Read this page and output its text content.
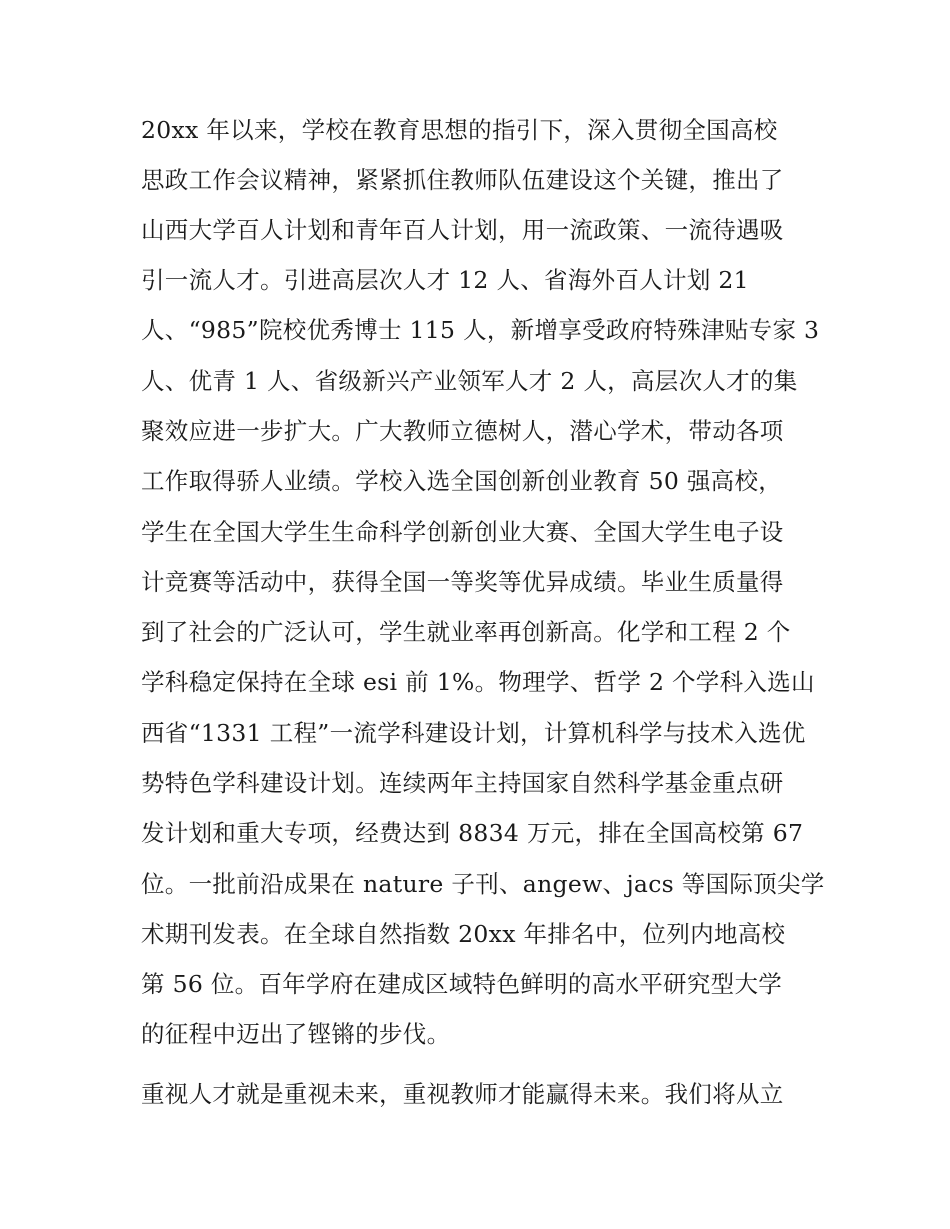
20xx 年以来，学校在教育思想的指引下，深入贯彻全国高校
思政工作会议精神，紧紧抓住教师队伍建设这个关键，推出了
山西大学百人计划和青年百人计划，用一流政策、一流待遇吸
引一流人才。引进高层次人才 12 人、省海外百人计划 21
人、“985”院校优秀博士 115 人，新增享受政府特殊津贴专家 3
人、优青 1 人、省级新兴产业领军人才 2 人，高层次人才的集
聚效应进一步扩大。广大教师立德树人，潜心学术，带动各项
工作取得骄人业绩。学校入选全国创新创业教育 50 强高校，
学生在全国大学生生命科学创新创业大赛、全国大学生电子设
计竞赛等活动中，获得全国一等奖等优异成绩。毕业生质量得
到了社会的广泛认可，学生就业率再创新高。化学和工程 2 个
学科稳定保持在全球 esi 前 1%。物理学、哲学 2 个学科入选山
西省“1331 工程”一流学科建设计划，计算机科学与技术入选优
势特色学科建设计划。连续两年主持国家自然科学基金重点研
发计划和重大专项，经费达到 8834 万元，排在全国高校第 67
位。一批前沿成果在 nature 子刊、angew、jacs 等国际顶尖学
术期刊发表。在全球自然指数 20xx 年排名中，位列内地高校
第 56 位。百年学府在建成区域特色鲜明的高水平研究型大学
的征程中迈出了铿锵的步伐。
重视人才就是重视未来，重视教师才能赢得未来。我们将从立
